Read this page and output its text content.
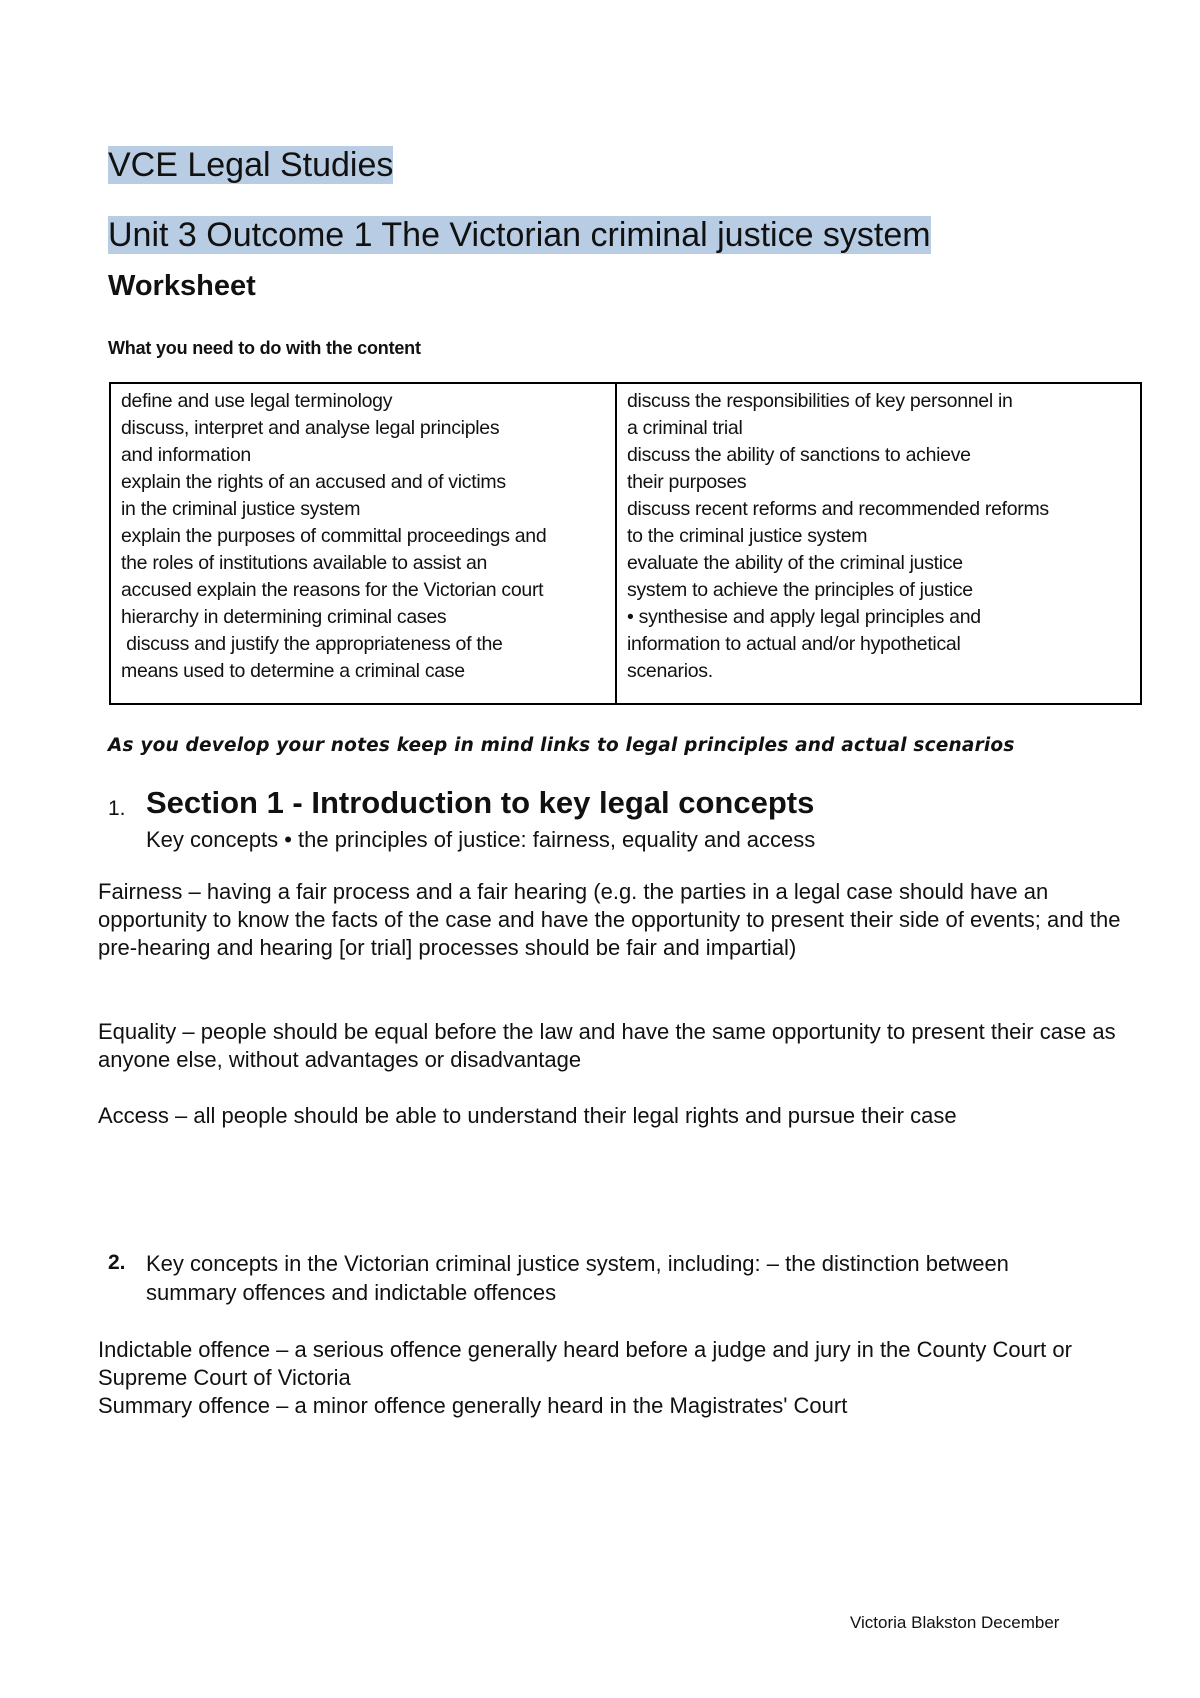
VCE Legal Studies
Unit 3 Outcome 1 The Victorian criminal justice system
Worksheet
What you need to do with the content
define and use legal terminology
discuss, interpret and analyse legal principles
and information
explain the rights of an accused and of victims
in the criminal justice system
explain the purposes of committal proceedings and
the roles of institutions available to assist an
accused explain the reasons for the Victorian court
hierarchy in determining criminal cases
discuss and justify the appropriateness of the
means used to determine a criminal case
discuss the responsibilities of key personnel in
a criminal trial
discuss the ability of sanctions to achieve
their purposes
discuss recent reforms and recommended reforms
to the criminal justice system
evaluate the ability of the criminal justice
system to achieve the principles of justice
• synthesise and apply legal principles and
information to actual and/or hypothetical
scenarios.
As you develop your notes keep in mind links to legal principles and actual scenarios
1. Section 1 - Introduction to key legal concepts
Key concepts • the principles of justice: fairness, equality and access
Fairness – having a fair process and a fair hearing (e.g. the parties in a legal case should have an opportunity to know the facts of the case and have the opportunity to present their side of events; and the pre-hearing and hearing [or trial] processes should be fair and impartial)
Equality – people should be equal before the law and have the same opportunity to present their case as anyone else, without advantages or disadvantage
Access – all people should be able to understand their legal rights and pursue their case
2. Key concepts in the Victorian criminal justice system, including: – the distinction between summary offences and indictable offences
Indictable offence – a serious offence generally heard before a judge and jury in the County Court or Supreme Court of Victoria
Summary offence – a minor offence generally heard in the Magistrates' Court
Victoria Blakston December
